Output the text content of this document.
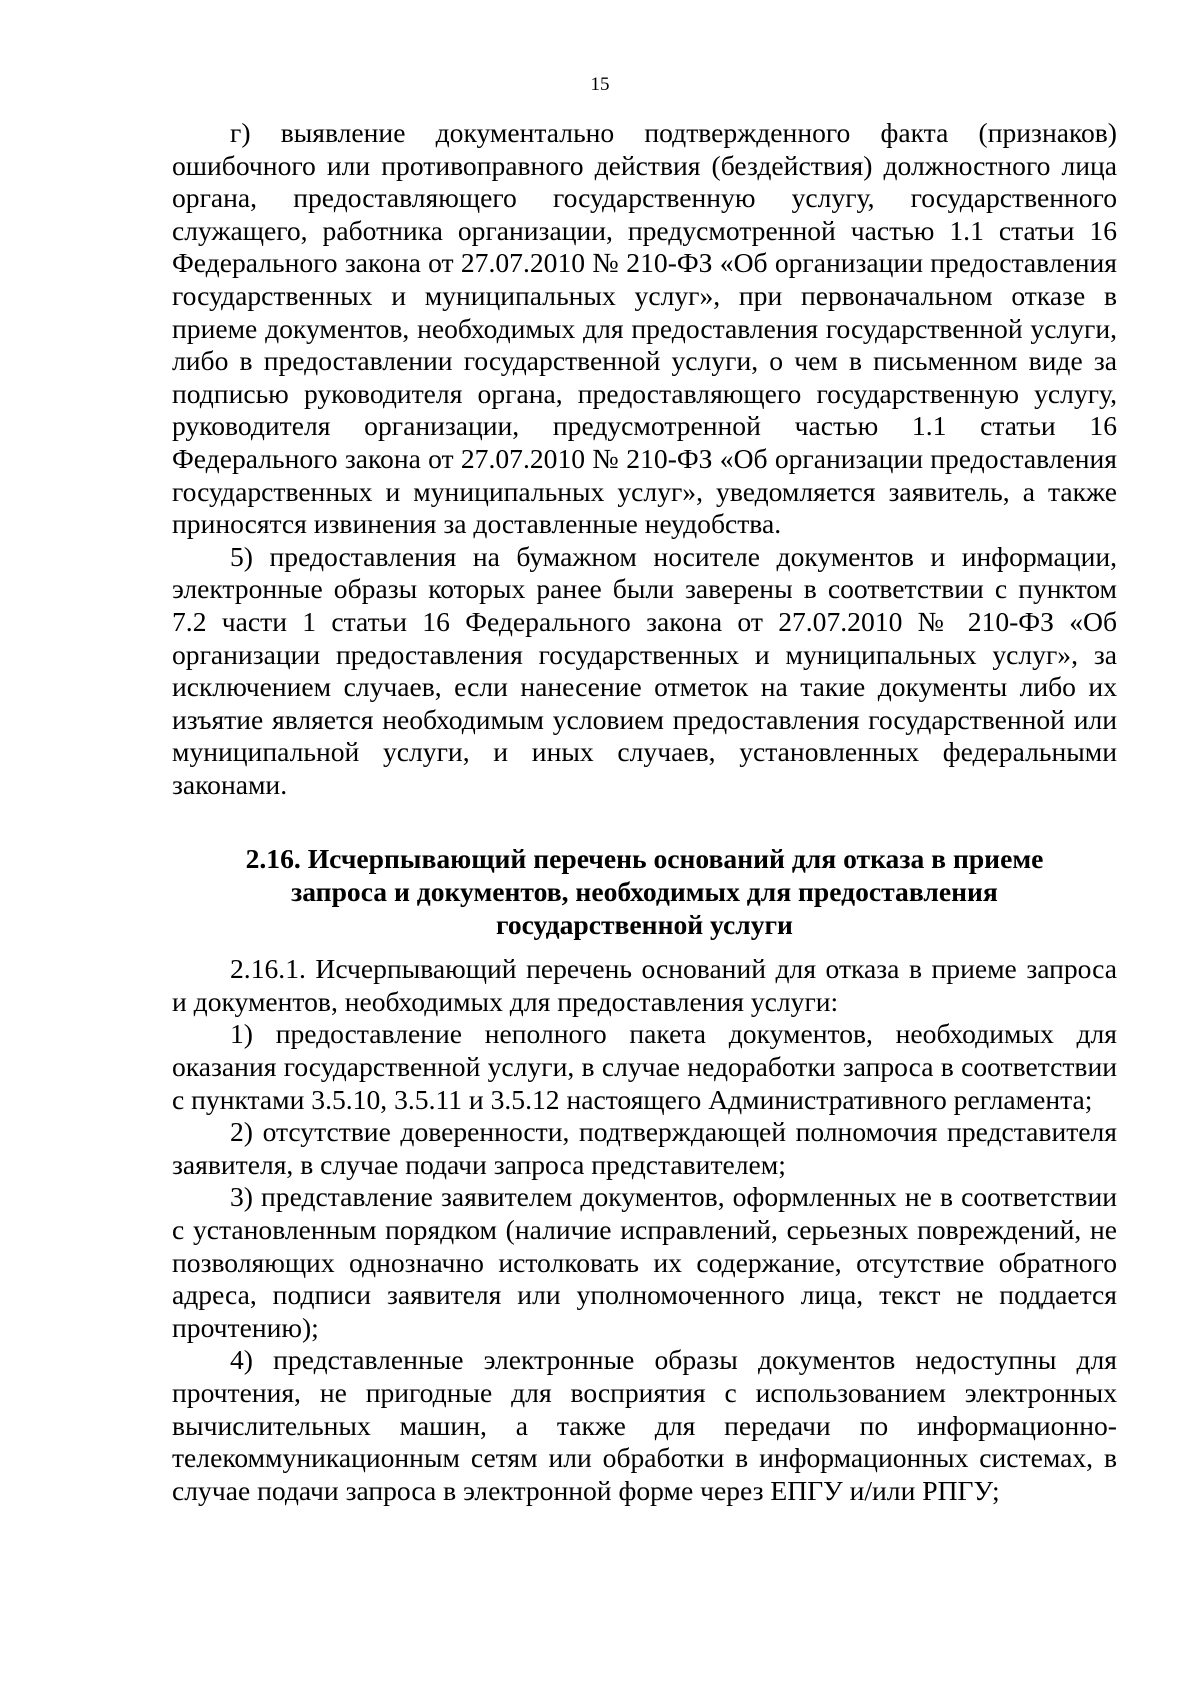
15

г) выявление документально подтвержденного факта (признаков) ошибочного или противоправного действия (бездействия) должностного лица органа, предоставляющего государственную услугу, государственного служащего, работника организации, предусмотренной частью 1.1 статьи 16 Федерального закона от 27.07.2010 № 210-ФЗ «Об организации предоставления государственных и муниципальных услуг», при первоначальном отказе в приеме документов, необходимых для предоставления государственной услуги, либо в предоставлении государственной услуги, о чем в письменном виде за подписью руководителя органа, предоставляющего государственную услугу, руководителя организации, предусмотренной частью 1.1 статьи 16 Федерального закона от 27.07.2010 № 210-ФЗ «Об организации предоставления государственных и муниципальных услуг», уведомляется заявитель, а также приносятся извинения за доставленные неудобства.

5) предоставления на бумажном носителе документов и информации, электронные образы которых ранее были заверены в соответствии с пунктом 7.2 части 1 статьи 16 Федерального закона от 27.07.2010 № 210-ФЗ «Об организации предоставления государственных и муниципальных услуг», за исключением случаев, если нанесение отметок на такие документы либо их изъятие является необходимым условием предоставления государственной или муниципальной услуги, и иных случаев, установленных федеральными законами.

2.16. Исчерпывающий перечень оснований для отказа в приеме
запроса и документов, необходимых для предоставления
государственной услуги

2.16.1. Исчерпывающий перечень оснований для отказа в приеме запроса и документов, необходимых для предоставления услуги:

1) предоставление неполного пакета документов, необходимых для оказания государственной услуги, в случае недоработки запроса в соответствии с пунктами 3.5.10, 3.5.11 и 3.5.12 настоящего Административного регламента;

2) отсутствие доверенности, подтверждающей полномочия представителя заявителя, в случае подачи запроса представителем;

3) представление заявителем документов, оформленных не в соответствии с установленным порядком (наличие исправлений, серьезных повреждений, не позволяющих однозначно истолковать их содержание, отсутствие обратного адреса, подписи заявителя или уполномоченного лица, текст не поддается прочтению);

4) представленные электронные образы документов недоступны для прочтения, не пригодные для восприятия с использованием электронных вычислительных машин, а также для передачи по информационно-телекоммуникационным сетям или обработки в информационных системах, в случае подачи запроса в электронной форме через ЕПГУ и/или РПГУ;
